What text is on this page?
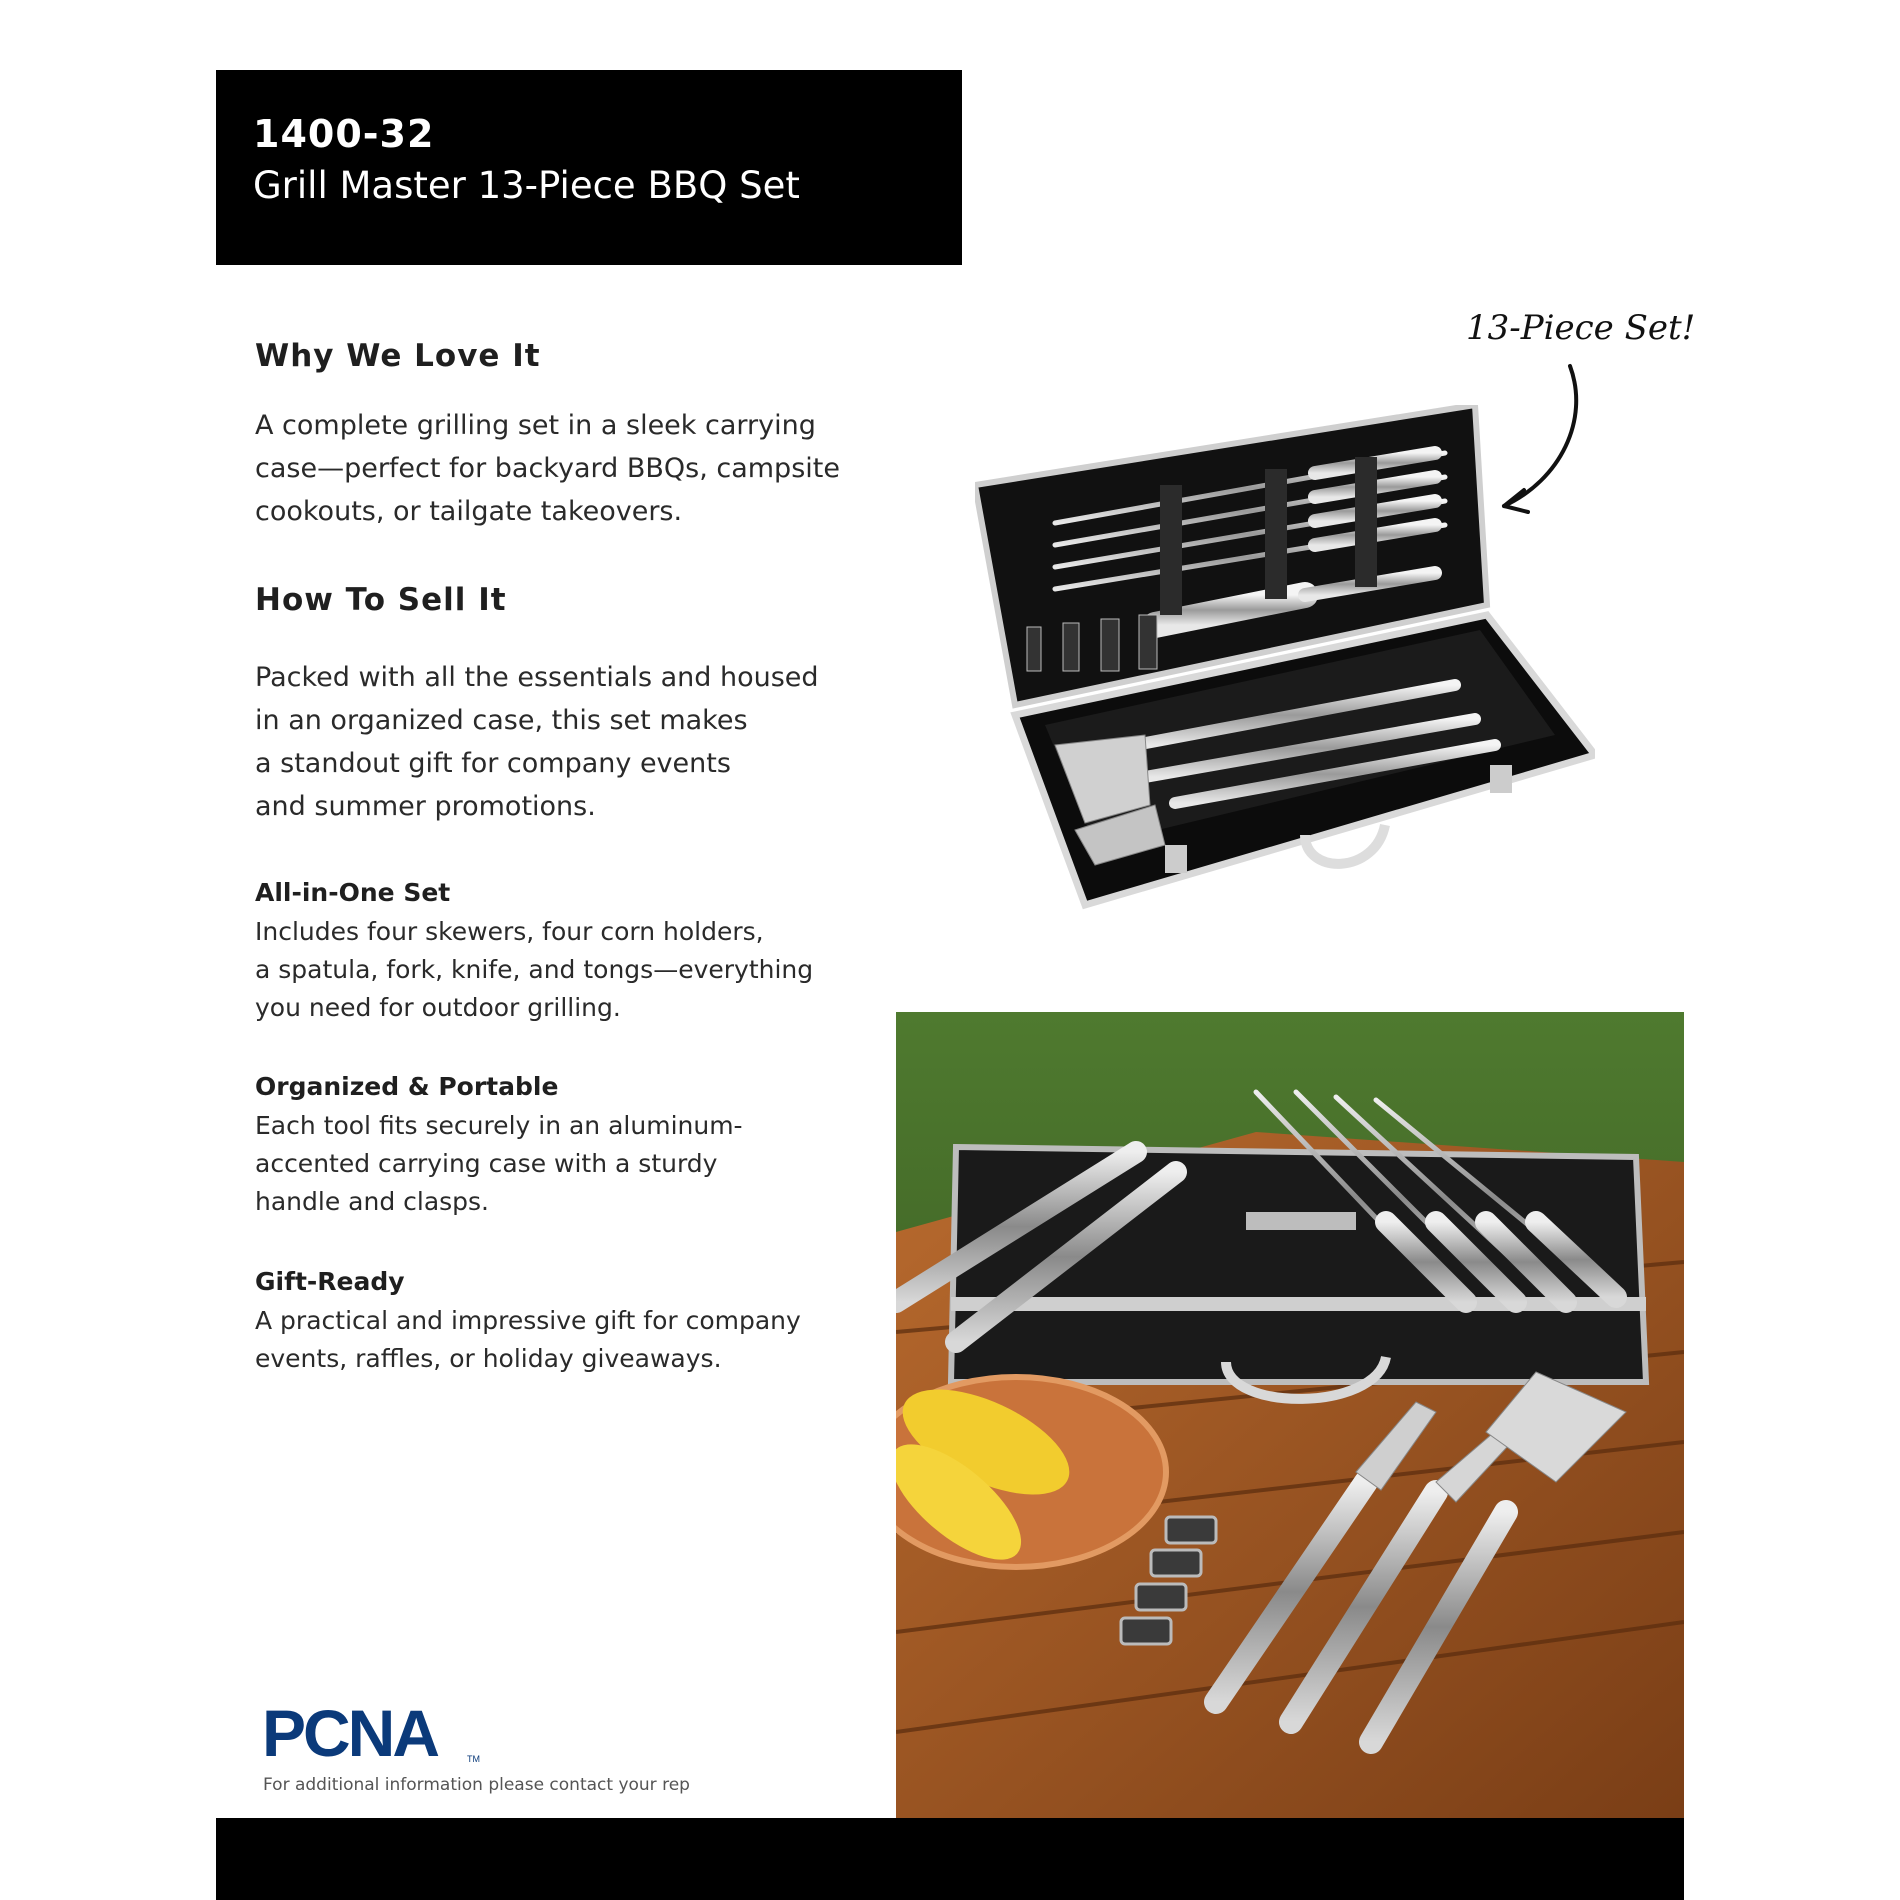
1400-32
Grill Master 13-Piece BBQ Set
Why We Love It

A complete grilling set in a sleek carrying
case—perfect for backyard BBQs, campsite
cookouts, or tailgate takeovers.

How To Sell It

Packed with all the essentials and housed
in an organized case, this set makes
a standout gift for company events
and summer promotions.

All-in-One Set

Includes four skewers, four corn holders,
a spatula, fork, knife, and tongs—everything
you need for outdoor grilling.

Organized & Portable

Each tool fits securely in an aluminum-
accented carrying case with a sturdy
handle and clasps.

Gift-Ready

A practical and impressive gift for company
events, raffles, or holiday giveaways.

13-Piece Set!
PCNA	TM
For additional information please contact your rep
